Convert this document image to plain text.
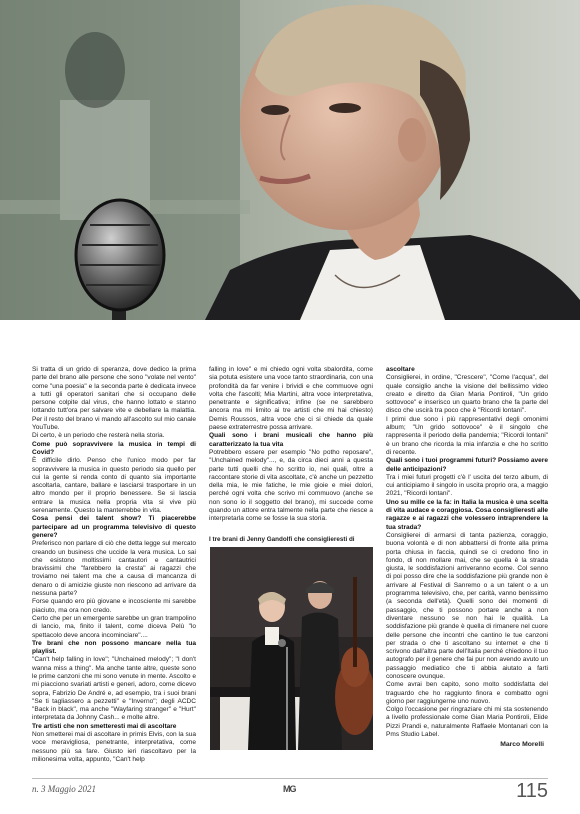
Si tratta di un grido di speranza, dove dedico la prima parte del brano alle persone che sono "volate nel vento" come "una poesia" e la seconda parte è dedicata invece a tutti gli operatori sanitari che si occupano delle persone colpite dal virus, che hanno lottato e stanno lottando tutt'ora per salvare vite e debellare la malattia. Per il resto del brano vi mando all'ascolto sul mio canale YouTube.

Di certo, è un periodo che resterà nella storia.

Come può sopravvivere la musica in tempi di Covid?

È difficile dirlo. Penso che l'unico modo per far sopravvivere la musica in questo periodo sia quello per cui la gente si renda conto di quanto sia importante ascoltarla, cantare, ballare e lasciarsi trasportare in un altro mondo per il proprio benessere. Se si lascia entrare la musica nella propria vita si vive più serenamente. Questo la manterrebbe in vita.

Cosa pensi dei talent show? Ti piacerebbe partecipare ad un programma televisivo di questo genere?

Preferisco non parlare di ciò che detta legge sul mercato creando un business che uccide la vera musica. Lo sai che esistono moltissimi cantautori e cantautrici bravissimi che "farebbero la cresta" ai ragazzi che troviamo nei talent ma che a causa di mancanza di denaro o di amicizie giuste non riescono ad arrivare da nessuna parte?

Forse quando ero più giovane e incosciente mi sarebbe piaciuto, ma ora non credo.

Certo che per un emergente sarebbe un gran trampolino di lancio, ma, finito il talent, come diceva Pelù "lo spettacolo deve ancora incominciare"....

Tre brani che non possono mancare nella tua playlist.

"Can't help falling in love"; "Unchained melody"; "I don't wanna miss a thing". Ma anche tante altre, queste sono le prime canzoni che mi sono venute in mente. Ascolto e mi piacciono svariati artisti e generi, adoro, come dicevo sopra, Fabrizio De André e, ad esempio, tra i suoi brani "Se ti tagliassero a pezzetti" e "Inverno"; degli ACDC "Back in black", ma anche "Wayfaring stranger" e "Hurt" interpretata da Johnny Cash... e molte altre.

Tre artisti che non smetteresti mai di ascoltare

Non smetterei mai di ascoltare in primis Elvis, con la sua voce meravigliosa, penetrante, interpretativa, come nessuno più sa fare. Giusto ieri riascoltavo per la milionesima volta, appunto, "Can't help

falling in love" e mi chiedo ogni volta sbalordita, come sia potuta esistere una voce tanto straordinaria, con una profondità da far venire i brividi e che commuove ogni volta che l'ascolti; Mia Martini, altra voce interpretativa, penetrante e significativa; infine (se ne sarebbero ancora ma mi limito ai tre artisti che mi hai chiesto) Demis Roussos, altra voce che ci si chiede da quale paese extraterrestre possa arrivare.

Quali sono i brani musicali che hanno più caratterizzato la tua vita

Potrebbero essere per esempio "No potho reposare", "Unchained melody"..., e, da circa dieci anni a questa parte tutti quelli che ho scritto io, nei quali, oltre a raccontare storie di vita ascoltate, c'è anche un pezzetto della mia, le mie fatiche, le mie gioie e miei dolori, perché ogni volta che scrivo mi commuovo (anche se non sono io il soggetto del brano), mi succede come quando un attore entra talmente nella parte che riesce a interpretarla come se fosse la sua storia.

I tre brani di Jenny Gandolfi che consiglieresti di

ascoltare

Consiglierei, in ordine, "Crescere", "Come l'acqua", del quale consiglio anche la visione del bellissimo video creato e diretto da Gian Maria Pontiroli, "Un grido sottovoce" e inserisco un quarto brano che fa parte del disco che uscirà tra poco che è "Ricordi lontani".

I primi due sono i più rappresentativi degli omonimi album; "Un grido sottovoce" è il singolo che rappresenta il periodo della pandemia; "Ricordi lontani" è un brano che ricorda la mia infanzia e che ho scritto di recente.

Quali sono i tuoi programmi futuri? Possiamo avere delle anticipazioni?

Tra i miei futuri progetti c'è l' uscita del terzo album, di cui anticipiamo il singolo in uscita proprio ora, a maggio 2021, "Ricordi lontani".

Uno su mille ce la fa: in Italia la musica è una scelta di vita audace e coraggiosa. Cosa consiglieresti alle ragazze e ai ragazzi che volessero intraprendere la tua strada?

Consiglierei di armarsi di tanta pazienza, coraggio, buona volontà e di non abbattersi di fronte alla prima porta chiusa in faccia, quindi se ci credono fino in fondo, di non mollare mai, che se quella è la strada giusta, le soddisfazioni arriveranno ecome. Col senno di poi posso dire che la soddisfazione più grande non è arrivare al Festival di Sanremo o a un talent o a un programma televisivo, che, per carità, vanno benissimo (a seconda dell'età). Quelli sono dei momenti di passaggio, che ti possono portare anche a non diventare nessuno se non hai le qualità. La soddisfazione più grande è quella di rimanere nel cuore delle persone che incontri che cantino le tue canzoni per strada o che ti ascoltano su internet e che ti scrivono dall'altra parte dell'Italia perché chiedono il tuo autografo per il genere che fai pur non avendo avuto un passaggio mediatico che ti abbia aiutato a farti conoscere ovunque.

Come avrai ben capito, sono molto soddisfatta del traguardo che ho raggiunto finora e combatto ogni giorno per raggiungerne uno nuovo.

Colgo l'occasione per ringraziare chi mi sta sostenendo a livello professionale come Gian Maria Pontiroli, Elide Pizzi Prandi e, naturalmente Raffaele Montanari con la Pms Studio Label.

Marco Morelli
n. 3 Maggio 2021	MG	115
